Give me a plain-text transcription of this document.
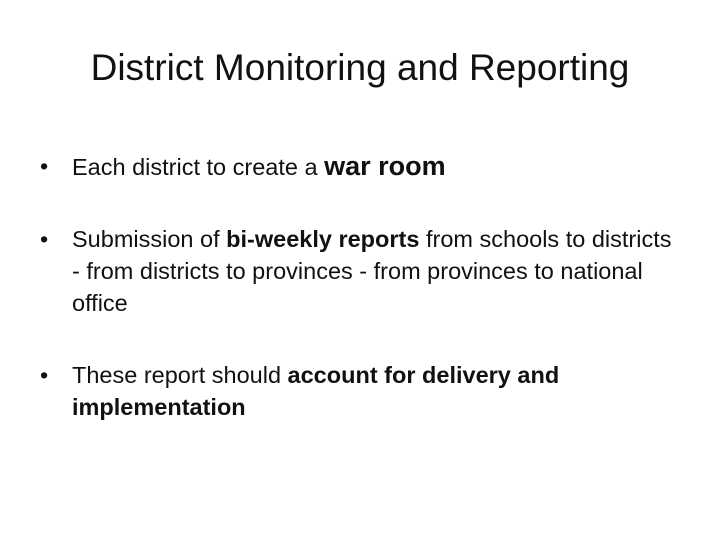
District Monitoring and Reporting
•	Each district to create a war room
•	Submission of bi-weekly reports from schools to districts - from districts to provinces - from provinces to national office
•	These report should account for delivery and implementation
